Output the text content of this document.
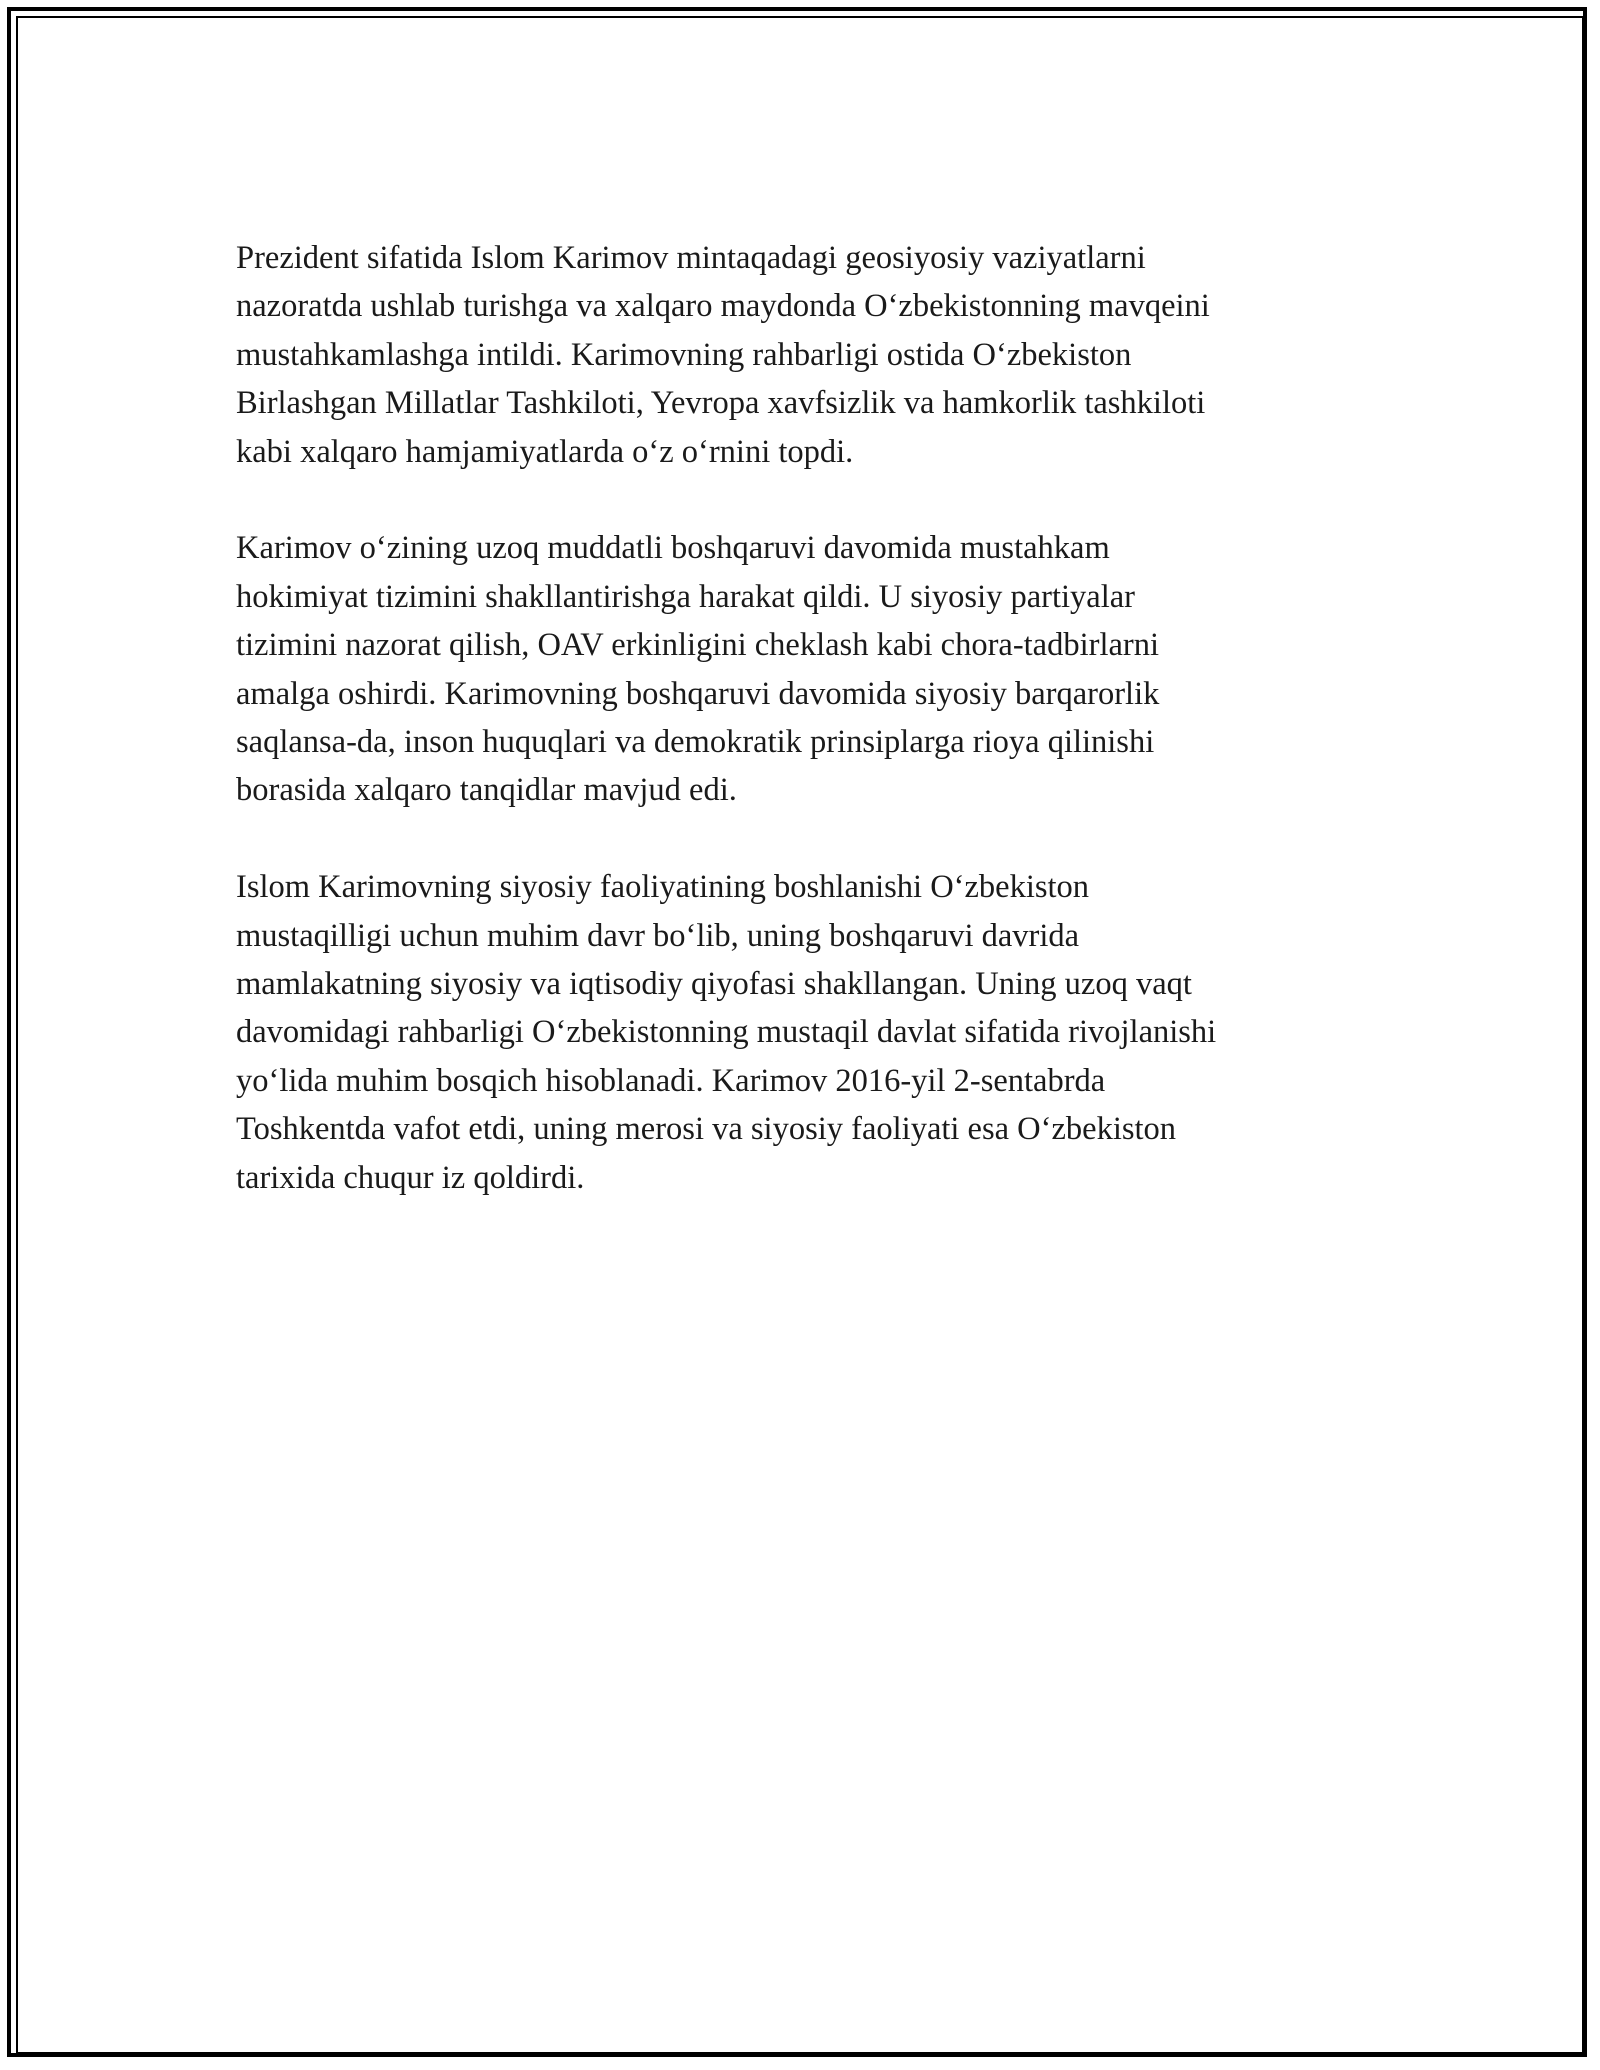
Prezident sifatida Islom Karimov mintaqadagi geosiyosiy vaziyatlarni
nazoratda ushlab turishga va xalqaro maydonda O‘zbekistonning mavqeini
mustahkamlashga intildi. Karimovning rahbarligi ostida O‘zbekiston
Birlashgan Millatlar Tashkiloti, Yevropa xavfsizlik va hamkorlik tashkiloti
kabi xalqaro hamjamiyatlarda o‘z o‘rnini topdi.

Karimov o‘zining uzoq muddatli boshqaruvi davomida mustahkam
hokimiyat tizimini shakllantirishga harakat qildi. U siyosiy partiyalar
tizimini nazorat qilish, OAV erkinligini cheklash kabi chora-tadbirlarni
amalga oshirdi. Karimovning boshqaruvi davomida siyosiy barqarorlik
saqlansa-da, inson huquqlari va demokratik prinsiplarga rioya qilinishi
borasida xalqaro tanqidlar mavjud edi.

Islom Karimovning siyosiy faoliyatining boshlanishi O‘zbekiston
mustaqilligi uchun muhim davr bo‘lib, uning boshqaruvi davrida
mamlakatning siyosiy va iqtisodiy qiyofasi shakllangan. Uning uzoq vaqt
davomidagi rahbarligi O‘zbekistonning mustaqil davlat sifatida rivojlanishi
yo‘lida muhim bosqich hisoblanadi. Karimov 2016-yil 2-sentabrda
Toshkentda vafot etdi, uning merosi va siyosiy faoliyati esa O‘zbekiston
tarixida chuqur iz qoldirdi.
